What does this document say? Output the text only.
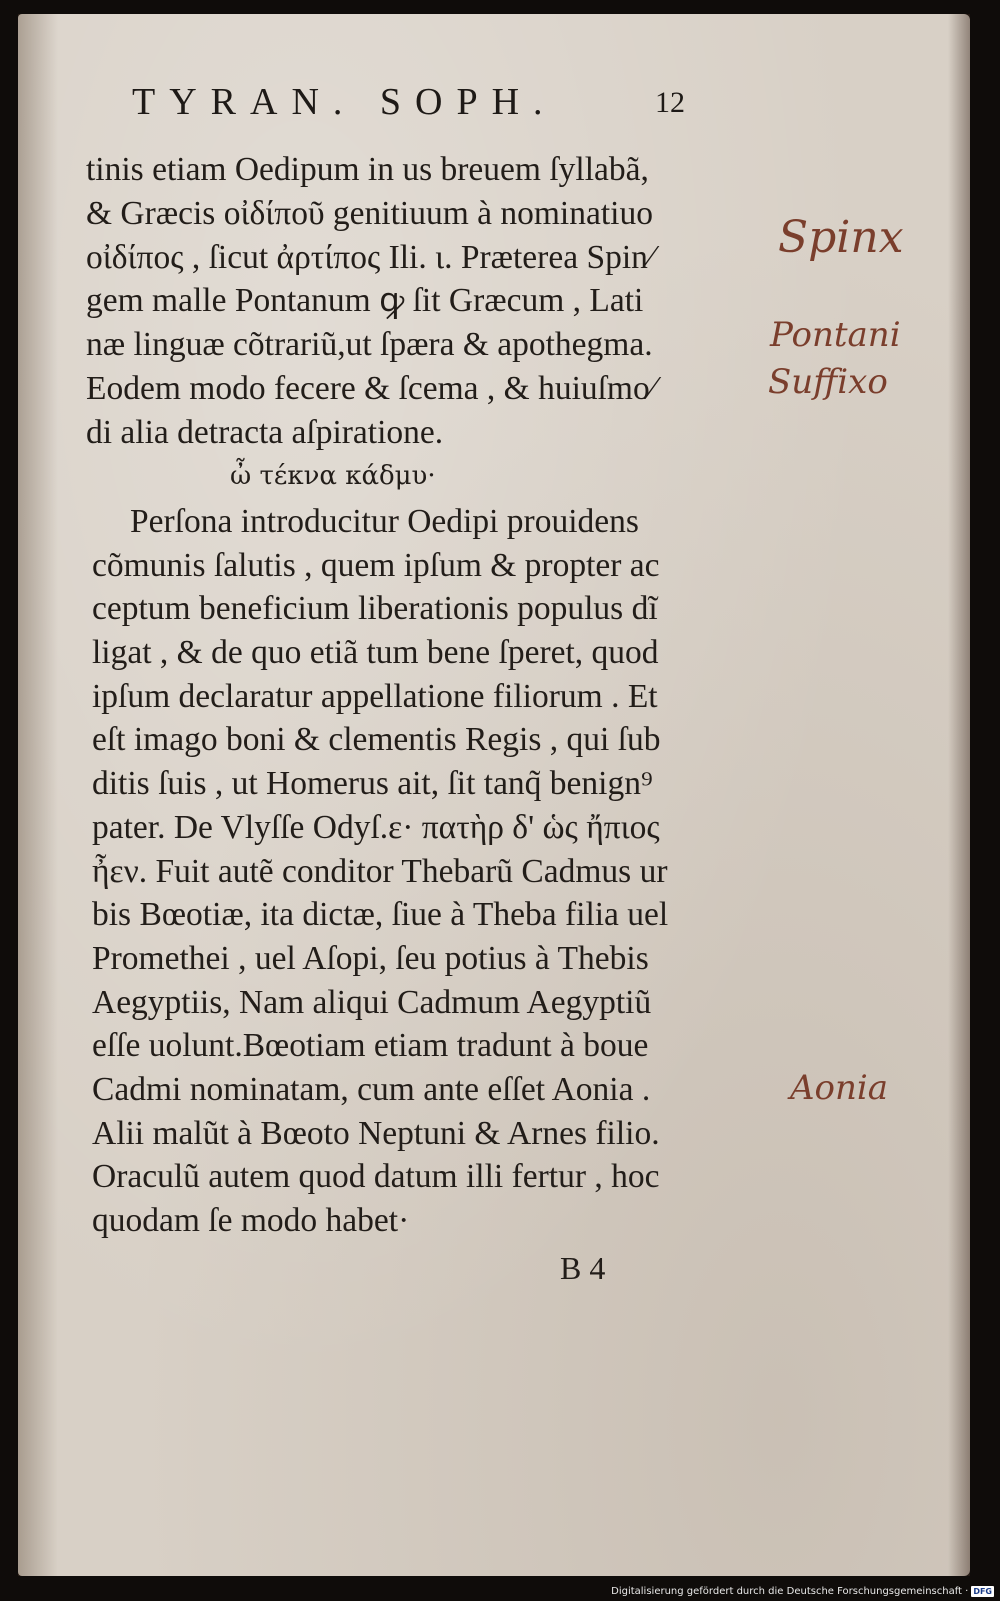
TYRAN. SOPH.	12
tinis etiam Oedipum in us breuem ſyllabã,
& Græcis οἰδίποῦ genitiuum à nominatiuo
οἰδίπος , ſicut ἀρτίπος Ili. ι. Præterea Spin⁄
gem malle Pontanum ꝙ ſit Græcum , Lati
næ linguæ cõtrariũ,ut ſpæra & apothegma.
Eodem modo fecere & ſcema , & huiuſmo⁄
di alia detracta aſpiratione.
ὦ τέκνα κάδμυ·
Perſona introducitur Oedipi prouidens
cõmunis ſalutis , quem ipſum & propter ac
ceptum beneficium liberationis populus dĩ
ligat , & de quo etiã tum bene ſperet, quod
ipſum declaratur appellatione filiorum . Et
eſt imago boni & clementis Regis , qui ſub
ditis ſuis , ut Homerus ait, ſit tanq̃ benign⁹
pater. De Vlyſſe Odyſ.ε· πατὴρ δ' ὡς ἤπιος
ἦεν. Fuit autẽ conditor Thebarũ Cadmus ur
bis Bœotiæ, ita dictæ, ſiue à Theba filia uel
Promethei , uel Aſopi, ſeu potius à Thebis
Aegyptiis, Nam aliqui Cadmum Aegyptiũ
eſſe uolunt.Bœotiam etiam tradunt à boue
Cadmi nominatam, cum ante eſſet Aonia .
Alii malũt à Bœoto Neptuni & Arnes filio.
Oraculũ autem quod datum illi fertur , hoc
quodam ſe modo habet·
B 4
Spinx
Pontani
Suffixo
Aonia
Digitalisierung gefördert durch die Deutsche Forschungsgemeinschaft · DFG
